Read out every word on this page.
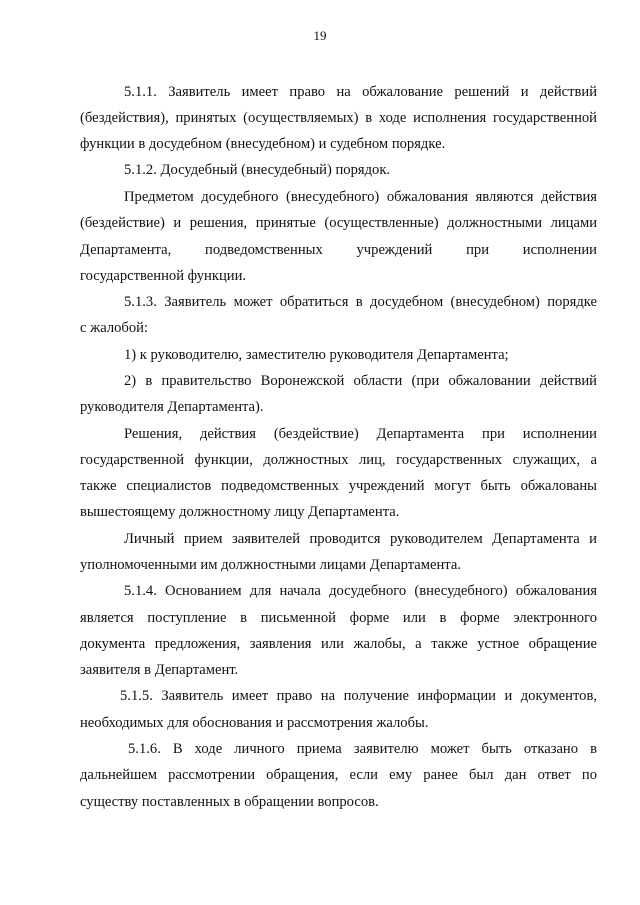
19
5.1.1. Заявитель имеет право на обжалование решений и действий
(бездействия), принятых (осуществляемых) в ходе исполнения государственной
функции в досудебном (внесудебном) и судебном порядке.
5.1.2. Досудебный (внесудебный) порядок.
Предметом досудебного (внесудебного) обжалования являются действия
(бездействие) и решения, принятые (осуществленные) должностными лицами
Департамента, подведомственных учреждений при исполнении
государственной функции.
5.1.3. Заявитель может обратиться в досудебном (внесудебном) порядке
с жалобой:
1) к руководителю, заместителю руководителя Департамента;
2) в правительство Воронежской области (при обжаловании действий
руководителя Департамента).
Решения, действия (бездействие) Департамента при исполнении
государственной функции, должностных лиц, государственных служащих, а
также специалистов подведомственных учреждений могут быть обжалованы
вышестоящему должностному лицу Департамента.
Личный прием заявителей проводится руководителем Департамента и
уполномоченными им должностными лицами Департамента.
5.1.4. Основанием для начала досудебного (внесудебного) обжалования
является поступление в письменной форме или в форме электронного
документа предложения, заявления или жалобы, а также устное обращение
заявителя в Департамент.
5.1.5. Заявитель имеет право на получение информации и документов,
необходимых для обоснования и рассмотрения жалобы.
5.1.6. В ходе личного приема заявителю может быть отказано в
дальнейшем рассмотрении обращения, если ему ранее был дан ответ по
существу поставленных в обращении вопросов.
